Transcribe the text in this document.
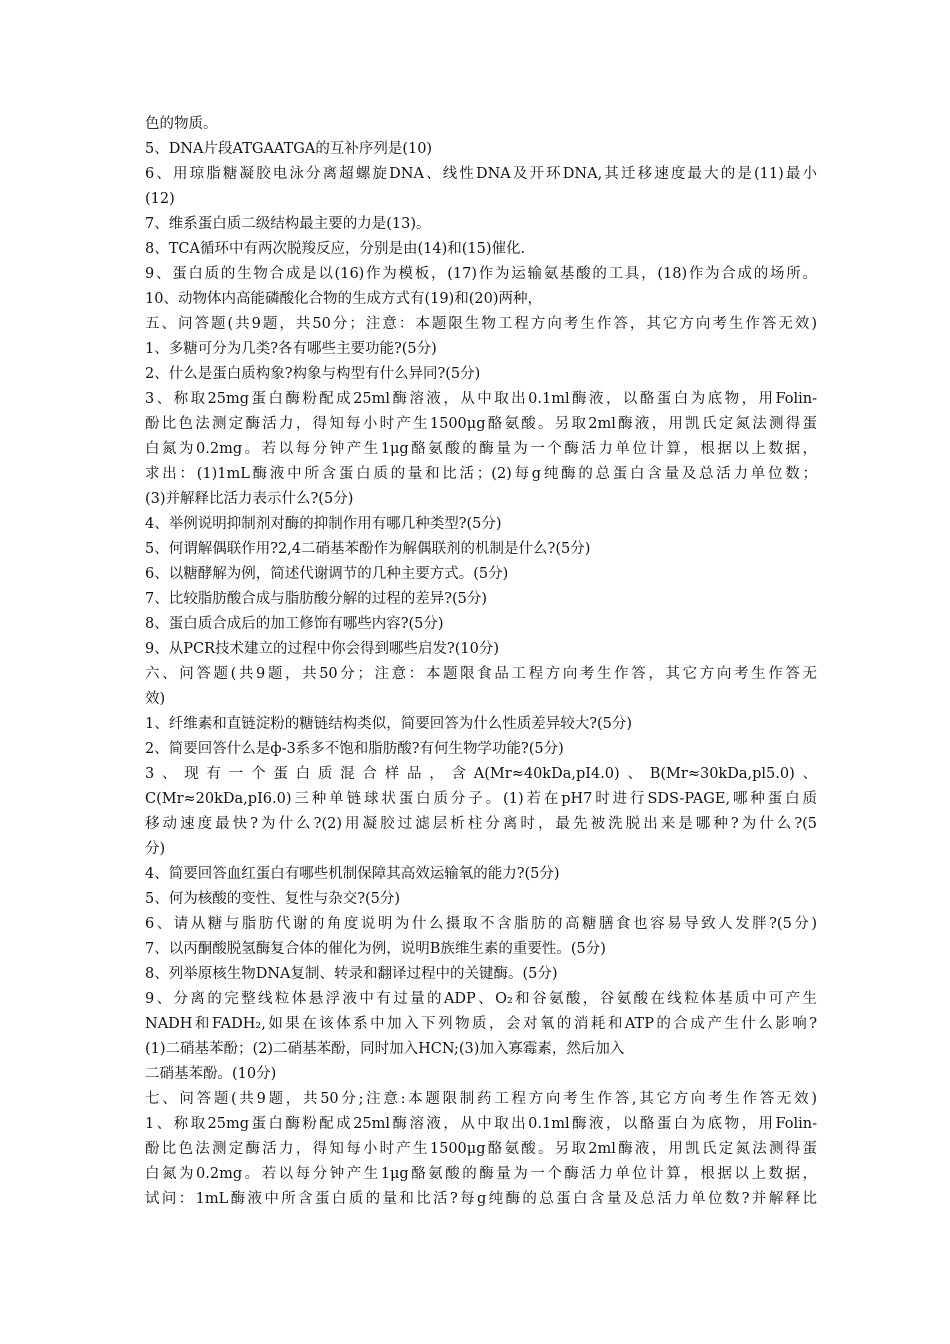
色的物质。
5、DNA片段ATGAATGA的互补序列是(10)
6、用琼脂糖凝胶电泳分离超螺旋DNA、线性DNA及开环DNA,其迁移速度最大的是(11)最小
(12)
7、维系蛋白质二级结构最主要的力是(13)。
8、TCA循环中有两次脱羧反应，分别是由(14)和(15)催化.
9、蛋白质的生物合成是以(16)作为模板，(17)作为运输氨基酸的工具，(18)作为合成的场所。
10、动物体内高能磷酸化合物的生成方式有(19)和(20)两种，
五、问答题(共9题，共50分；注意：本题限生物工程方向考生作答，其它方向考生作答无效)
1、多糖可分为几类?各有哪些主要功能?(5分)
2、什么是蛋白质构象?构象与构型有什么异同?(5分)
3、称取25mg蛋白酶粉配成25ml酶溶液，从中取出0.1ml酶液，以酪蛋白为底物，用Folin-
酚比色法测定酶活力，得知每小时产生1500μg酪氨酸。另取2ml酶液，用凯氏定氮法测得蛋
白氮为0.2mg。若以每分钟产生1μg酪氨酸的酶量为一个酶活力单位计算，根据以上数据，
求出：(1)1mL酶液中所含蛋白质的量和比活；(2)每g纯酶的总蛋白含量及总活力单位数；
(3)并解释比活力表示什么?(5分)
4、举例说明抑制剂对酶的抑制作用有哪几种类型?(5分)
5、何谓解偶联作用?2,4二硝基苯酚作为解偶联剂的机制是什么?(5分)
6、以糖酵解为例，简述代谢调节的几种主要方式。(5分)
7、比较脂肪酸合成与脂肪酸分解的过程的差异?(5分)
8、蛋白质合成后的加工修饰有哪些内容?(5分)
9、从PCR技术建立的过程中你会得到哪些启发?(10分)
六、问答题(共9题，共50分；注意：本题限食品工程方向考生作答，其它方向考生作答无
效)
1、纤维素和直链淀粉的糖链结构类似，简要回答为什么性质差异较大?(5分)
2、简要回答什么是ф-3系多不饱和脂肪酸?有何生物学功能?(5分)
3、现有一个蛋白质混合样品，含A(Mr≈40kDa,pI4.0)、B(Mr≈30kDa,pl5.0)、
C(Mr≈20kDa,pI6.0)三种单链球状蛋白质分子。(1)若在pH7时进行SDS-PAGE,哪种蛋白质
移动速度最快?为什么?(2)用凝胶过滤层析柱分离时，最先被洗脱出来是哪种?为什么?(5
分)
4、简要回答血红蛋白有哪些机制保障其高效运输氧的能力?(5分)
5、何为核酸的变性、复性与杂交?(5分)
6、请从糖与脂肪代谢的角度说明为什么摄取不含脂肪的高糖膳食也容易导致人发胖?(5分)
7、以丙酮酸脱氢酶复合体的催化为例，说明B族维生素的重要性。(5分)
8、列举原核生物DNA复制、转录和翻译过程中的关键酶。(5分)
9、分离的完整线粒体悬浮液中有过量的ADP、O₂和谷氨酸，谷氨酸在线粒体基质中可产生
NADH和FADH₂,如果在该体系中加入下列物质，会对氧的消耗和ATP的合成产生什么影响?
(1)二硝基苯酚；(2)二硝基苯酚，同时加入HCN;(3)加入寡霉素，然后加入
二硝基苯酚。(10分)
七、问答题(共9题，共50分;注意:本题限制药工程方向考生作答,其它方向考生作答无效)
1、称取25mg蛋白酶粉配成25ml酶溶液，从中取出0.1ml酶液，以酪蛋白为底物，用Folin-
酚比色法测定酶活力，得知每小时产生1500μg酪氨酸。另取2ml酶液，用凯氏定氮法测得蛋
白氮为0.2mg。若以每分钟产生1μg酪氨酸的酶量为一个酶活力单位计算，根据以上数据，
试问：1mL酶液中所含蛋白质的量和比活?每g纯酶的总蛋白含量及总活力单位数?并解释比
